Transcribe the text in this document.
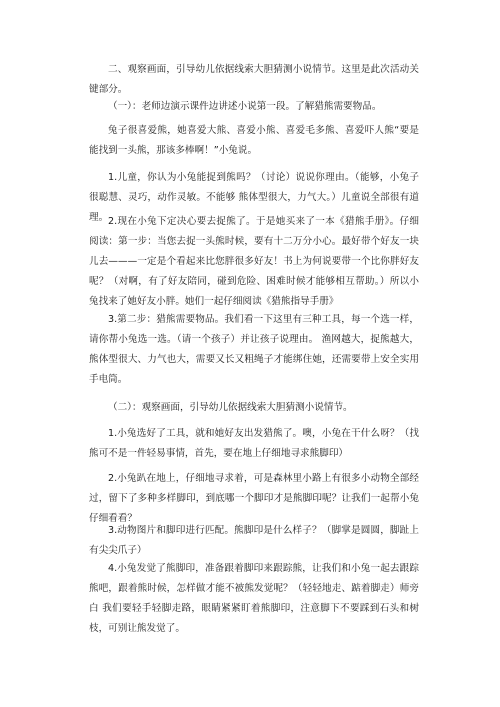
二、观察画面，引导幼儿依据线索大胆猜测小说情节。这里是此次活动关键部分。

（一）：老师边演示课件边讲述小说第一段。了解猎熊需要物品。

兔子很喜爱熊，她喜爱大熊、喜爱小熊、喜爱毛多熊、喜爱吓人熊“要是能找到一头熊，那该多棒啊！”小兔说。

1.儿童，你认为小兔能捉到熊吗？（讨论）说说你理由。（能够，小兔子很聪慧、灵巧，动作灵敏。不能够 熊体型很大，力气大。）儿童说全部很有道理。 2.现在小兔下定决心要去捉熊了。于是她买来了一本《猎熊手册》。仔细阅读：第一步：当您去捉一头熊时候，要有十二万分小心。最好带个好友一块儿去———一定是个看起来比您胖很多好友！书上为何说要带一个比你胖好友呢？（对啊，有了好友陪同，碰到危险、困难时候才能够相互帮助。）所以小兔找来了她好友小胖。她们一起仔细阅读《猎熊指导手册》

3.第二步：猎熊需要物品。我们看一下这里有三种工具，每一个选一样，请你帮小兔选一选。（请一个孩子）并让孩子说理由。 渔网越大，捉熊越大，熊体型很大、力气也大，需要又长又粗绳子才能绑住她，还需要带上安全实用手电筒。

（二）：观察画面，引导幼儿依据线索大胆猜测小说情节。

1.小兔选好了工具，就和她好友出发猎熊了。噢，小兔在干什么呀？（找熊可不是一件轻易事情，首先，要在地上仔细地寻求熊脚印）

2.小兔趴在地上，仔细地寻求着，可是森林里小路上有很多小动物全部经过，留下了多种多样脚印，到底哪一个脚印才是熊脚印呢？让我们一起帮小兔仔细看看？

3.动物图片和脚印进行匹配。熊脚印是什么样子？（脚掌是圆圆，脚趾上有尖尖爪子）

4.小兔发觉了熊脚印，准备跟着脚印来跟踪熊，让我们和小兔一起去跟踪熊吧，跟着熊时候，怎样做才能不被熊发觉呢？（轻轻地走、踮着脚走）师旁白 我们要轻手轻脚走路，眼睛紧紧盯着熊脚印，注意脚下不要踩到石头和树枝，可别让熊发觉了。
